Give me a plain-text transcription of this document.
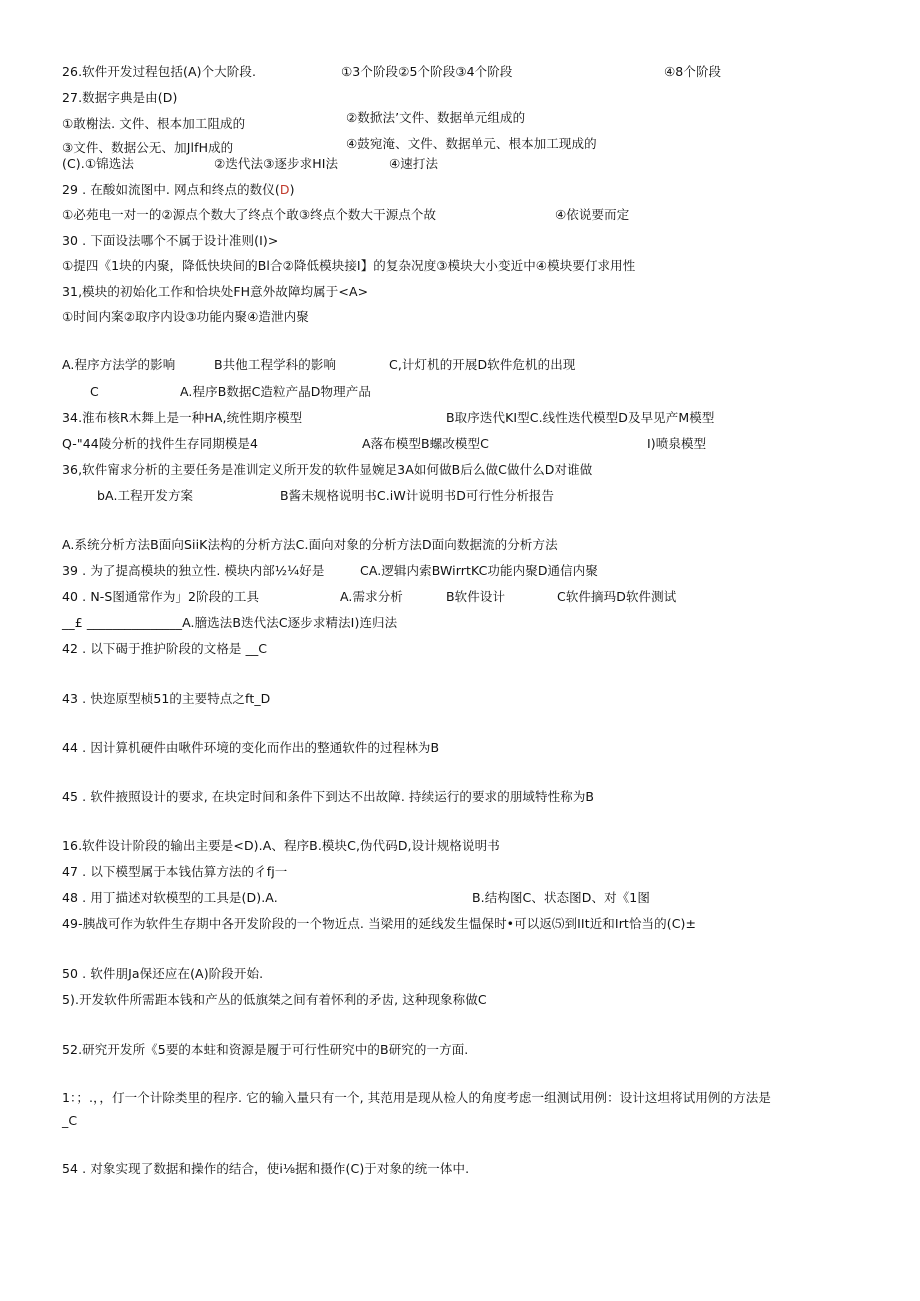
26.软件开发过程包括(A)个大阶段.	①3个阶段②5个阶段③4个阶段	④8个阶段
27.数据字典是由(D)
①敢榭法. 文件、根本加工阻成的	②数掀法’文件、数据单元组成的
④鼓宛淹、文件、数据单元、根本加工现成的
③文件、数据公无、加JlfH成的
(C).①锦选法	②迭代法③逐步求HI法	④速打法
29 . 在酸如流图中. 网点和终点的数仪(D)
①必苑电一对一的②源点个数大了终点个敢③终点个数大干源点个故	④依说要而定
30 . 下面设法哪个不属于设计准则(I)>
①提四《1块的内聚，降低快块间的Bl合②降低模块接I】的复杂况度③模块大小变近中④模块要仃求用性
31,模块的初始化工作和恰块处FH意外故障均属于<A>
①时间内案②取序内设③功能内聚④造泄内聚
A.程序方法学的影响	B共他工程学科的影响	C,计灯机的开展D软件危机的出现
C	A.程序B数据C造粒产晶D物理产品
34.淮布核R木舞上是一种HA,统性期序模型	B取序迭代KI型C.线性迭代模型D及早见产M模型
Q-"44陵分析的找件生存同期模是4	A落布模型B螺改模型C	I)喷泉模型
36,软件甯求分析的主要任务是准训定义所开发的软件显婉足3A如何做B后么做C做什么D对谁做
bA.工程开发方案	B酱未规格说明书C.iW计说明书D可行性分析报告
A.系统分析方法B面向SiiK法构的分析方法C.面向对象的分析方法D面向数据流的分析方法
39 . 为了提高模块的独立性. 模块内部½¼好是	CA.逻辑内索BWirrtKC功能内聚D通信内聚
40 . N-S图通常作为」2阶段的工具	A.需求分析	B软件设计	C软件摘玛D软件测试
__£ _______________A.膪选法B迭代法C逐步求精法I)连归法
42 . 以下碣于推护阶段的文格是 __C
43 . 快迩原型桢51的主要特点之ft_D
44 . 因计算机硬件由啾件环境的变化而作出的整通软件的过程林为B
45 . 软件掖照设计的要求, 在块定时间和条件下到达不出故障. 持续运行的要求的朋域特性称为B
16.软件设计阶段的输出主要是<D).A、程序B.模块C,伪代码D,设计规格说明书
47 . 以下模型属于本钱估算方法的彳fj一
48 . 用丁描述对软模型的工具是(D).A.	B.结构图C、状态图D、对《1图
49-胰战可作为软件生存期中各开发阶段的一个物近点. 当梁用的延线发生愠保时•可以返⑸到IIt近和Irt恰当的(C)±
50 . 软件朋Ja保还应在(A)阶段开始.
5).开发软件所需距本钱和产丛的低旗桀之间有着怀利的矛齿, 这种现象称做C
52.研究开发所《5要的本蛀和资源是履于可行性研究中的B研究的一方面.
1：；.，，仃一个计除类里的程序. 它的输入量只有一个, 其范用是现从检人的角度考虑一组测试用例：设计这坦将试用例的方法是
_C
54 . 对象实现了数据和操作的结合，使i⅛据和摄作(C)于对象的统一体中.
